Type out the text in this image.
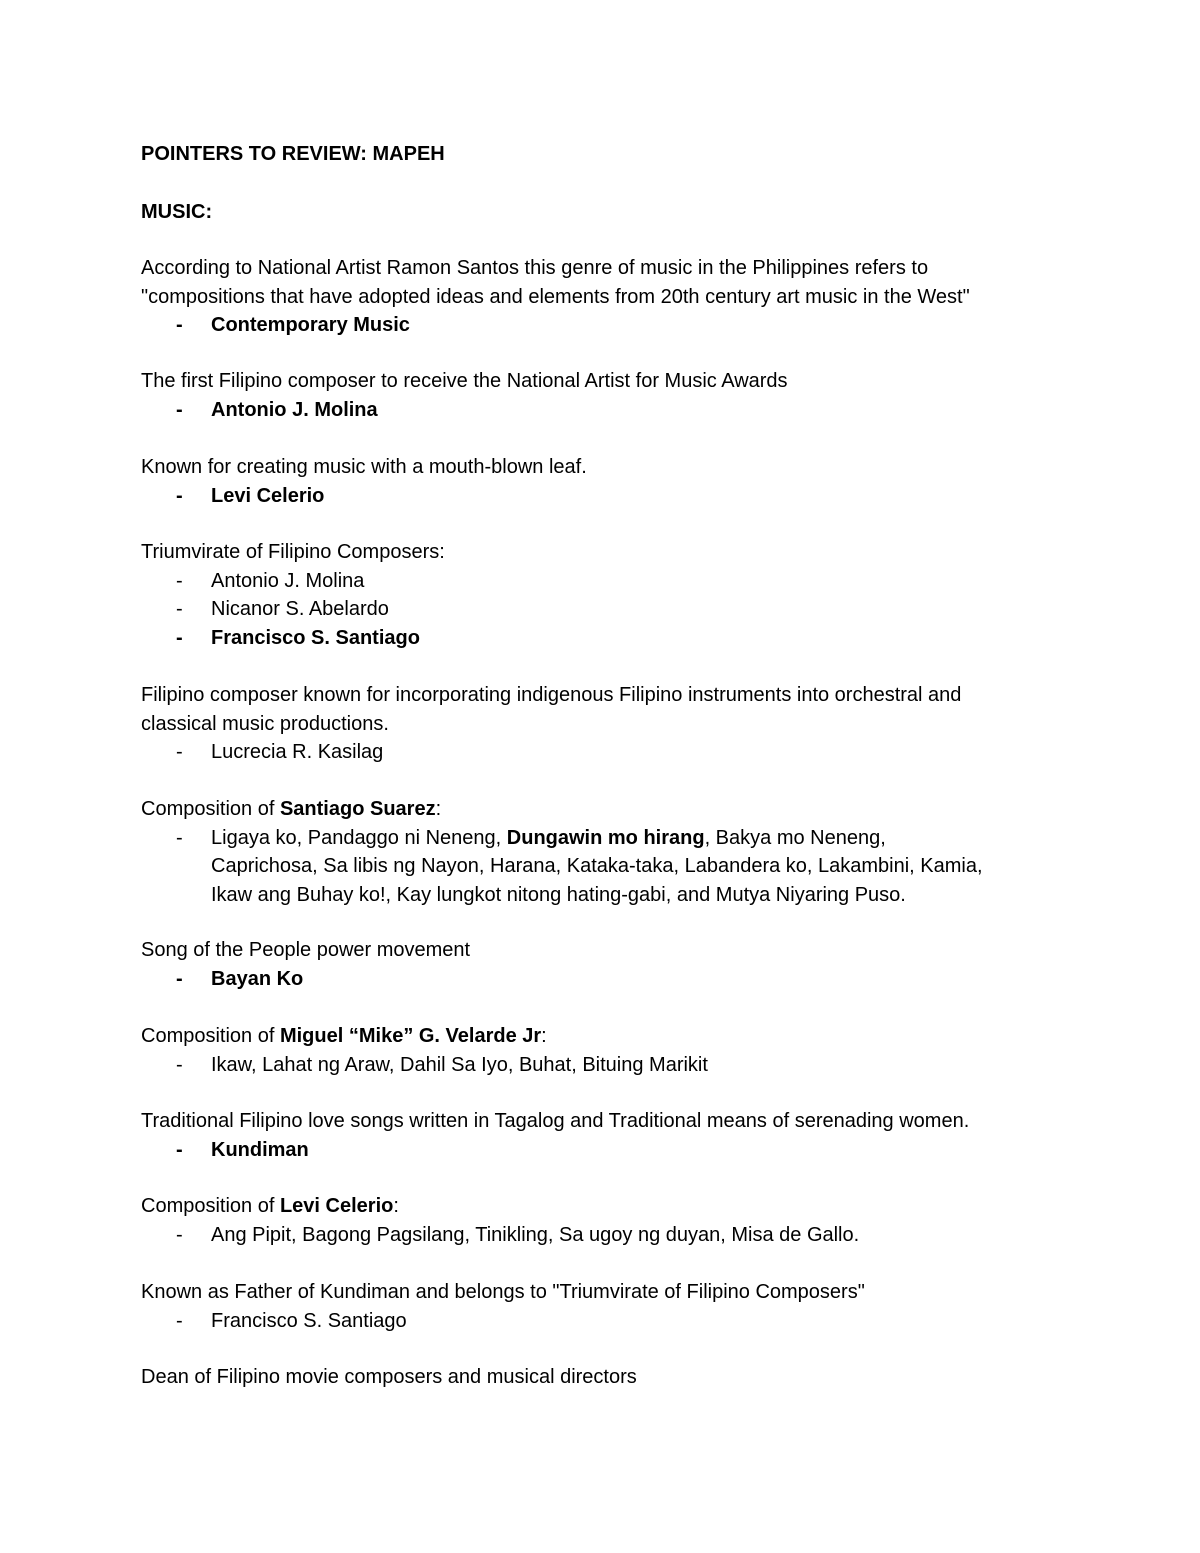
POINTERS TO REVIEW: MAPEH
MUSIC:

According to National Artist Ramon Santos this genre of music in the Philippines refers to

"compositions that have adopted ideas and elements from 20th century art music in the West"

- Contemporary Music

The first Filipino composer to receive the National Artist for Music Awards

- Antonio J. Molina

Known for creating music with a mouth-blown leaf.

- Levi Celerio

Triumvirate of Filipino Composers:

- Antonio J. Molina

- Nicanor S. Abelardo

- Francisco S. Santiago

Filipino composer known for incorporating indigenous Filipino instruments into orchestral and

classical music productions.

- Lucrecia R. Kasilag

Composition of Santiago Suarez:

- Ligaya ko, Pandaggo ni Neneng, Dungawin mo hirang, Bakya mo Neneng,
Caprichosa, Sa libis ng Nayon, Harana, Kataka-taka, Labandera ko, Lakambini, Kamia,
Ikaw ang Buhay ko!, Kay lungkot nitong hating-gabi, and Mutya Niyaring Puso.

Song of the People power movement

- Bayan Ko

Composition of Miguel “Mike” G. Velarde Jr:

- Ikaw, Lahat ng Araw, Dahil Sa Iyo, Buhat, Bituing Marikit

Traditional Filipino love songs written in Tagalog and Traditional means of serenading women.

- Kundiman

Composition of Levi Celerio:

- Ang Pipit, Bagong Pagsilang, Tinikling, Sa ugoy ng duyan, Misa de Gallo.

Known as Father of Kundiman and belongs to "Triumvirate of Filipino Composers"

- Francisco S. Santiago

Dean of Filipino movie composers and musical directors
